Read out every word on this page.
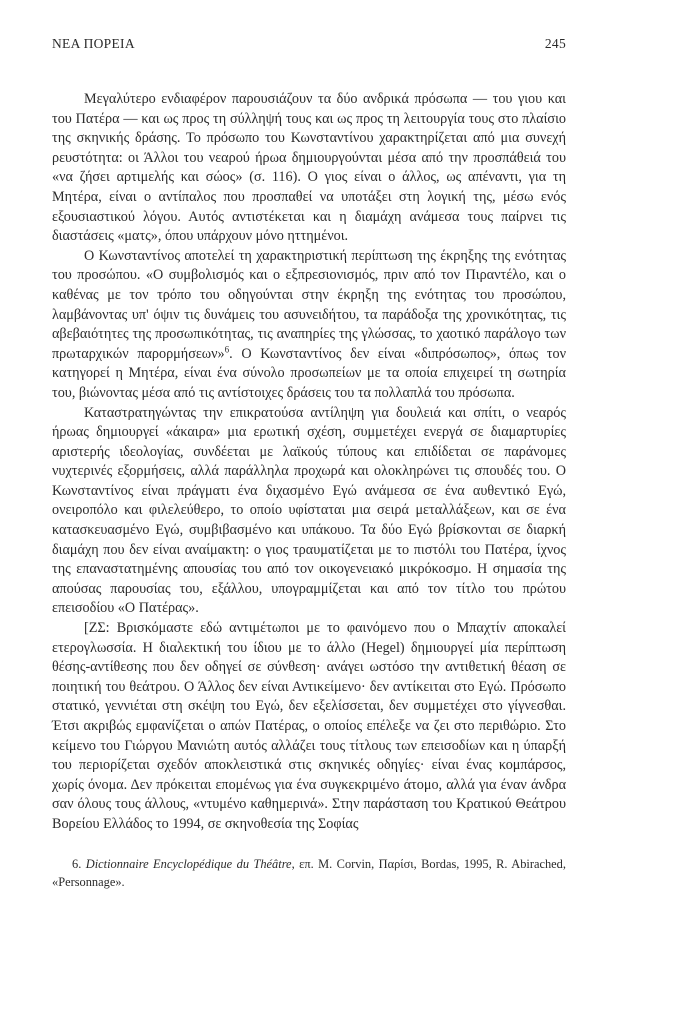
ΝΕΑ ΠΟΡΕΙΑ	245

Μεγαλύτερο ενδιαφέρον παρουσιάζουν τα δύο ανδρικά πρόσωπα — του γιου και του Πατέρα — και ως προς τη σύλληψή τους και ως προς τη λειτουργία τους στο πλαίσιο της σκηνικής δράσης. Το πρόσωπο του Κωνσταντίνου χαρακτηρίζεται από μια συνεχή ρευστότητα: οι Άλλοι του νεαρού ήρωα δημιουργούνται μέσα από την προσπάθειά του «να ζήσει αρτιμελής και σώος» (σ. 116). Ο γιος είναι ο άλλος, ως απέναντι, για τη Μητέρα, είναι ο αντίπαλος που προσπαθεί να υποτάξει στη λογική της, μέσω ενός εξουσιαστικού λόγου. Αυτός αντιστέκεται και η διαμάχη ανάμεσα τους παίρνει τις διαστάσεις «ματς», όπου υπάρχουν μόνο ηττημένοι.

Ο Κωνσταντίνος αποτελεί τη χαρακτηριστική περίπτωση της έκρηξης της ενότητας του προσώπου. «Ο συμβολισμός και ο εξπρεσιονισμός, πριν από τον Πιραντέλο, και ο καθένας με τον τρόπο του οδηγούνται στην έκρηξη της ενότητας του προσώπου, λαμβάνοντας υπ' όψιν τις δυνάμεις του ασυνειδήτου, τα παράδοξα της χρονικότητας, τις αβεβαιότητες της προσωπικότητας, τις αναπηρίες της γλώσσας, το χαοτικό παράλογο των πρωταρχικών παρορμήσεων»$^6$. Ο Κωνσταντίνος δεν είναι «διπρόσωπος», όπως τον κατηγορεί η Μητέρα, είναι ένα σύνολο προσωπείων με τα οποία επιχειρεί τη σωτηρία του, βιώνοντας μέσα από τις αντίστοιχες δράσεις του τα πολλαπλά του πρόσωπα.

Καταστρατηγώντας την επικρατούσα αντίληψη για δουλειά και σπίτι, ο νεαρός ήρωας δημιουργεί «άκαιρα» μια ερωτική σχέση, συμμετέχει ενεργά σε διαμαρτυρίες αριστερής ιδεολογίας, συνδέεται με λαϊκούς τύπους και επιδίδεται σε παράνομες νυχτερινές εξορμήσεις, αλλά παράλληλα προχωρά και ολοκληρώνει τις σπουδές του. Ο Κωνσταντίνος είναι πράγματι ένα διχασμένο Εγώ ανάμεσα σε ένα αυθεντικό Εγώ, ονειροπόλο και φιλελεύθερο, το οποίο υφίσταται μια σειρά μεταλλάξεων, και σε ένα κατασκευασμένο Εγώ, συμβιβασμένο και υπάκουο. Τα δύο Εγώ βρίσκονται σε διαρκή διαμάχη που δεν είναι αναίμακτη: ο γιος τραυματίζεται με το πιστόλι του Πατέρα, ίχνος της επαναστατημένης απουσίας του από τον οικογενειακό μικρόκοσμο. Η σημασία της απούσας παρουσίας του, εξάλλου, υπογραμμίζεται και από τον τίτλο του πρώτου επεισοδίου «Ο Πατέρας».

[ΖΣ: Βρισκόμαστε εδώ αντιμέτωποι με το φαινόμενο που ο Μπαχτίν αποκαλεί ετερογλωσσία. Η διαλεκτική του ίδιου με το άλλο (Hegel) δημιουργεί μία περίπτωση θέσης-αντίθεσης που δεν οδηγεί σε σύνθεση· ανάγει ωστόσο την αντιθετική θέαση σε ποιητική του θεάτρου. Ο Άλλος δεν είναι Αντικείμενο· δεν αντίκειται στο Εγώ. Πρόσωπο στατικό, γεννιέται στη σκέψη του Εγώ, δεν εξελίσσεται, δεν συμμετέχει στο γίγνεσθαι. Έτσι ακριβώς εμφανίζεται ο απών Πατέρας, ο οποίος επέλεξε να ζει στο περιθώριο. Στο κείμενο του Γιώργου Μανιώτη αυτός αλλάζει τους τίτλους των επεισοδίων και η ύπαρξή του περιορίζεται σχεδόν αποκλειστικά στις σκηνικές οδηγίες· είναι ένας κομπάρσος, χωρίς όνομα. Δεν πρόκειται επομένως για ένα συγκεκριμένο άτομο, αλλά για έναν άνδρα σαν όλους τους άλλους, «ντυμένο καθημερινά». Στην παράσταση του Κρατικού Θεάτρου Βορείου Ελλάδος το 1994, σε σκηνοθεσία της Σοφίας

6. Dictionnaire Encyclopédique du Théâtre, επ. M. Corvin, Παρίσι, Bordas, 1995, R. Abirached, «Personnage».
